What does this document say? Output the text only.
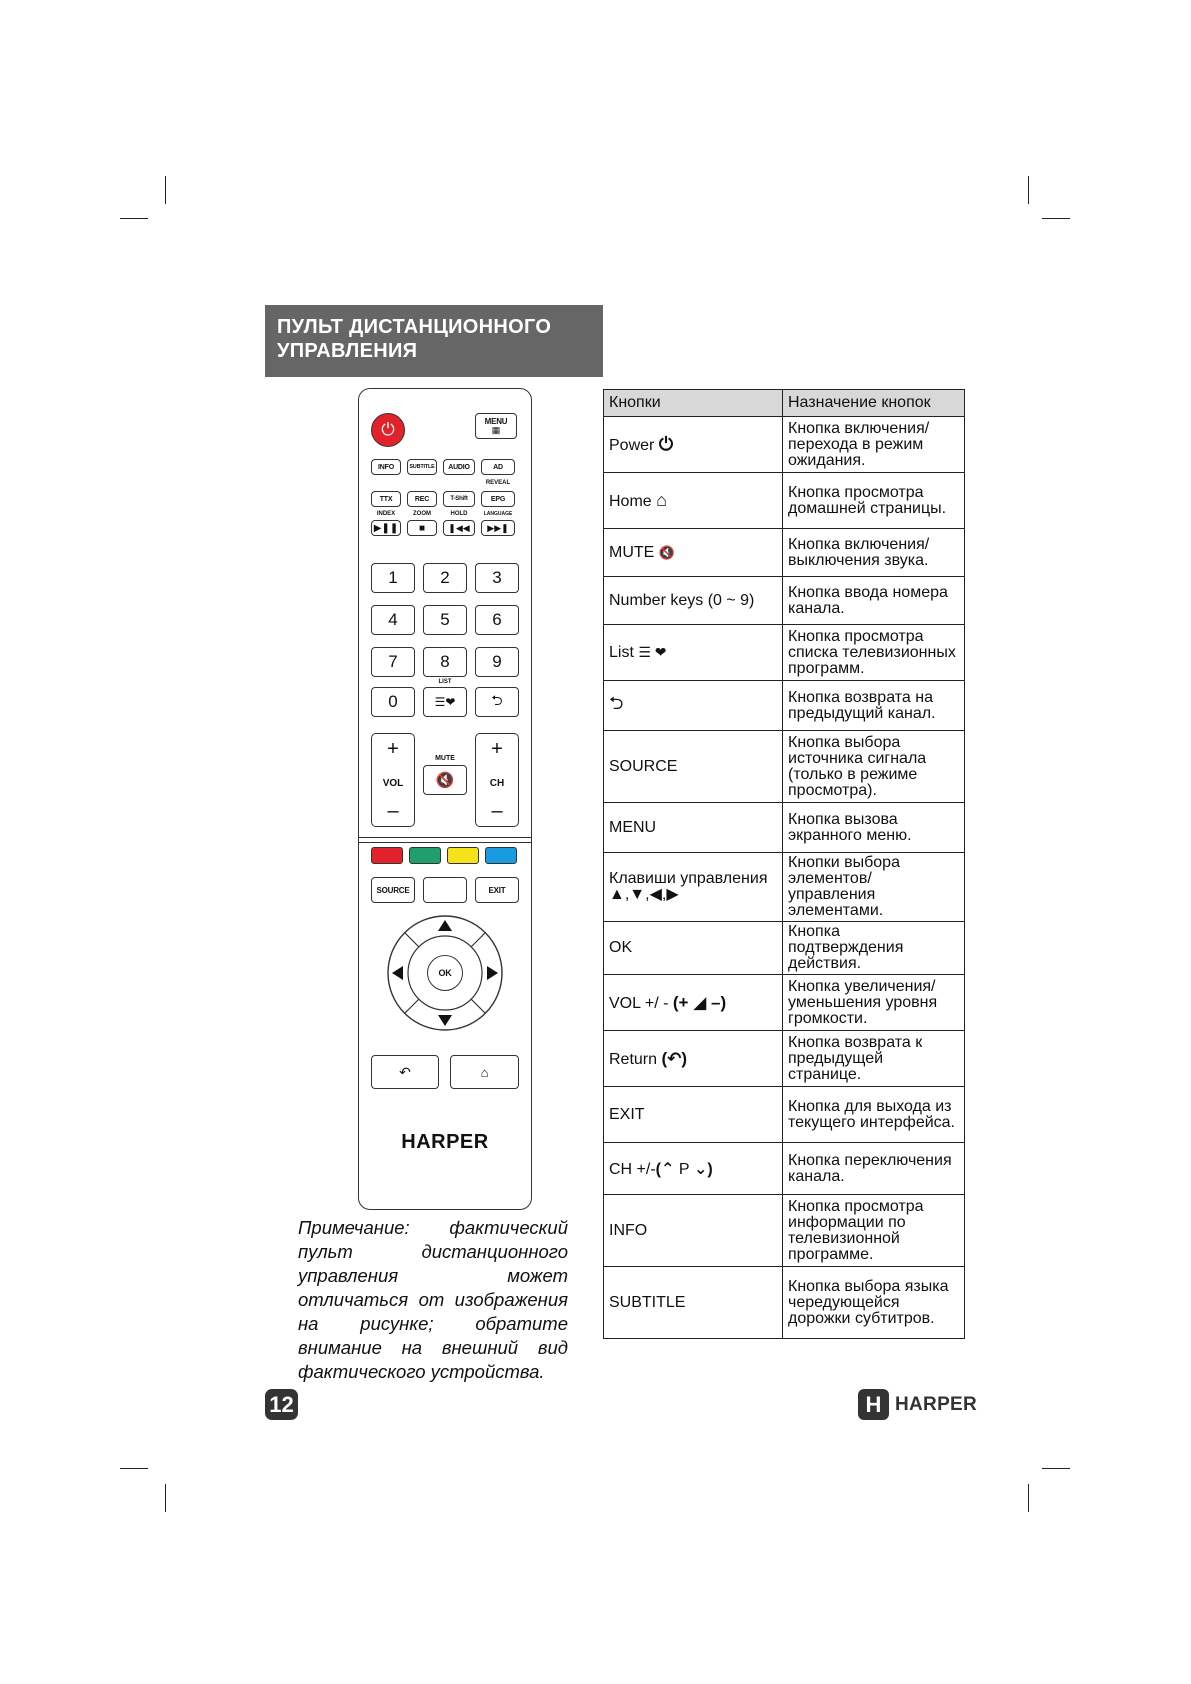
ПУЛЬТ ДИСТАНЦИОННОГО
УПРАВЛЕНИЯ
⏻	MENU
▦
INFO	SUBTITLE	AUDIO	AD
REVEAL
TTX	REC	T-Shift	EPG
INDEX	ZOOM	HOLD	LANGUAGE
▶❚❚ ■	❚◀◀ ▶▶❚
1	2	3
4	5	6
7	8	9
LIST
0	☰❤	⮌
+
VOL
–
MUTE
🔇
+
CH
–
SOURCE	EXIT
OK
↶	⌂
HARPER
Примечание: фактический пульт дистанционного управления может отличаться от изображения на рисунке; обратите внимание на внешний вид фактического устройства.
Кнопки	Назначение кнопок
Power ⏻	Кнопка включения/перехода в режим ожидания.
Home ⌂	Кнопка просмотра домашней страницы.
MUTE 🔇	Кнопка включения/выключения звука.
Number keys (0 ~ 9)	Кнопка ввода номера канала.
List ☰ ❤	Кнопка просмотра списка телевизионных программ.
⮌	Кнопка возврата на предыдущий канал.
SOURCE	Кнопка выбора источника сигнала (только в режиме просмотра).
MENU	Кнопка вызова экранного меню.
Клавиши управления
▲,▼,◀,▶	Кнопки выбора элементов/ управления элементами.
OK	Кнопка подтверждения действия.
VOL +/ - (+ ◢ –)	Кнопка увеличения/ уменьшения уровня громкости.
Return (↶)	Кнопка возврата к предыдущей странице.
EXIT	Кнопка для выхода из текущего интерфейса.
CH +/-(⌃ P ⌄)	Кнопка переключения канала.
INFO	Кнопка просмотра информации по телевизионной программе.
SUBTITLE	Кнопка выбора языка чередующейся дорожки субтитров.
12	H HARPER
